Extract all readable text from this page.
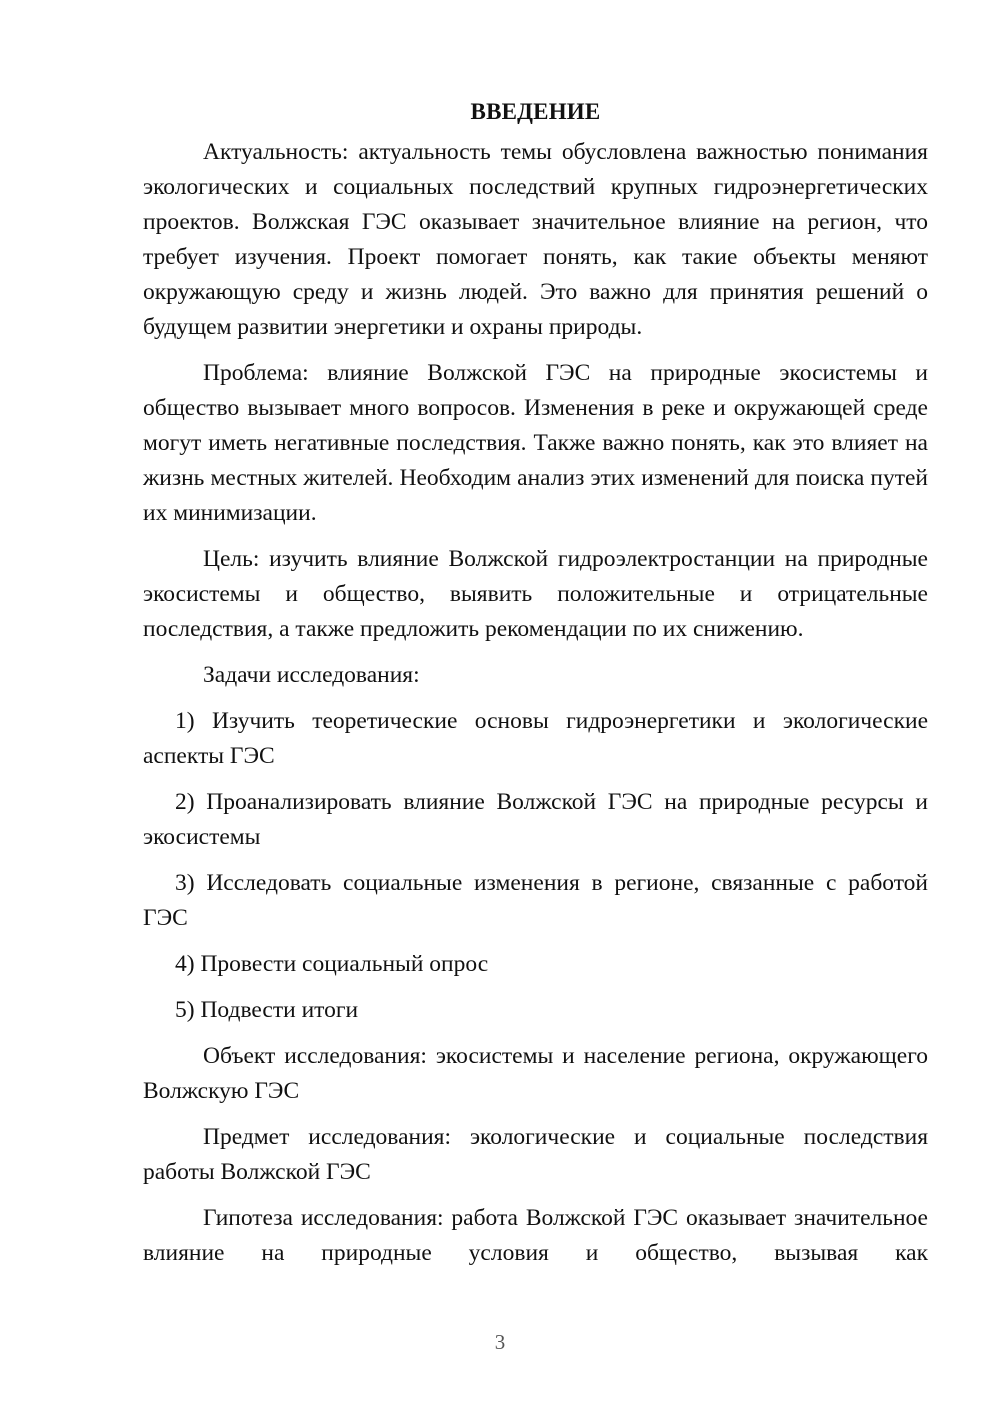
ВВЕДЕНИЕ

Актуальность: актуальность темы обусловлена важностью понимания экологических и социальных последствий крупных гидроэнергетических проектов. Волжская ГЭС оказывает значительное влияние на регион, что требует изучения. Проект помогает понять, как такие объекты меняют окружающую среду и жизнь людей. Это важно для принятия решений о будущем развитии энергетики и охраны природы.

Проблема: влияние Волжской ГЭС на природные экосистемы и общество вызывает много вопросов. Изменения в реке и окружающей среде могут иметь негативные последствия. Также важно понять, как это влияет на жизнь местных жителей. Необходим анализ этих изменений для поиска путей их минимизации.

Цель: изучить влияние Волжской гидроэлектростанции на природные экосистемы и общество, выявить положительные и отрицательные последствия, а также предложить рекомендации по их снижению.

Задачи исследования:

1) Изучить теоретические основы гидроэнергетики и экологические аспекты ГЭС

2) Проанализировать влияние Волжской ГЭС на природные ресурсы и экосистемы

3) Исследовать социальные изменения в регионе, связанные с работой ГЭС

4) Провести социальный опрос

5) Подвести итоги

Объект исследования: экосистемы и население региона, окружающего Волжскую ГЭС

Предмет исследования: экологические и социальные последствия работы Волжской ГЭС

Гипотеза исследования: работа Волжской ГЭС оказывает значительное влияние на природные условия и общество, вызывая как

3
